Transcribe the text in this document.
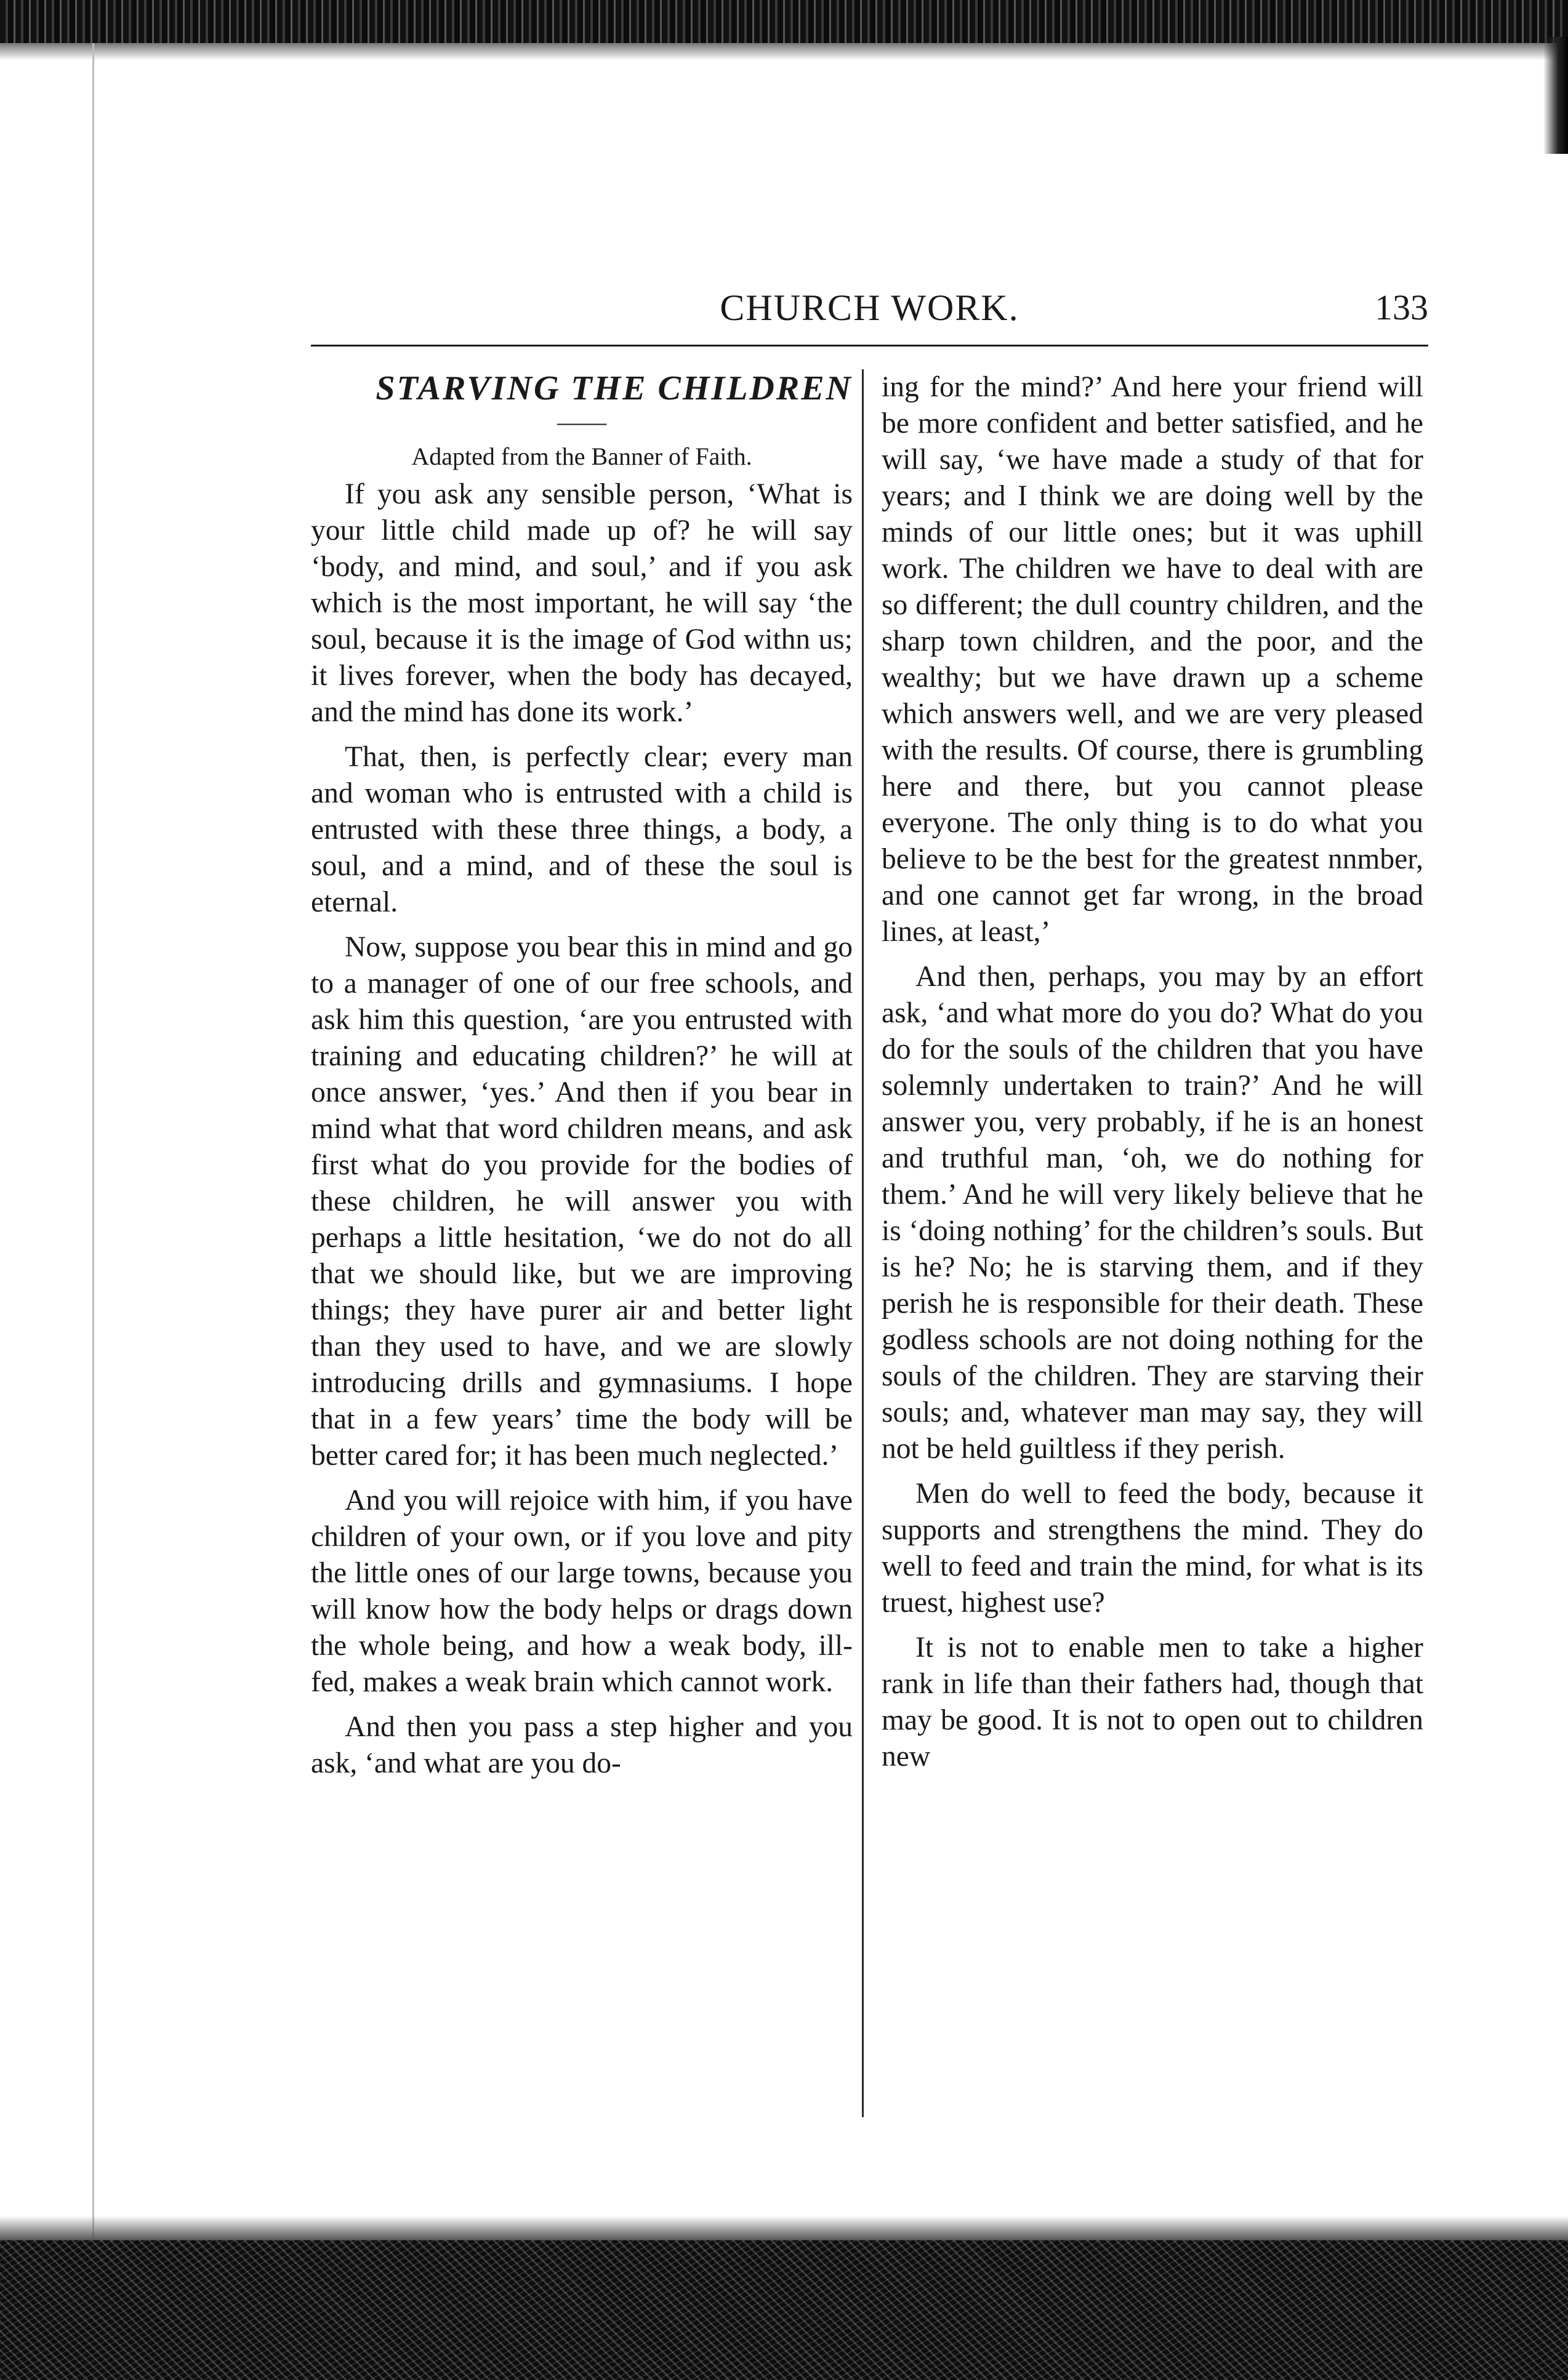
CHURCH WORK.	133
STARVING THE CHILDREN
——
Adapted from the Banner of Faith.

If you ask any sensible person, ‘What is your little child made up of? he will say ‘body, and mind, and soul,’ and if you ask which is the most important, he will say ‘the soul, because it is the image of God withn us; it lives forever, when the body has decayed, and the mind has done its work.’

That, then, is perfectly clear; every man and woman who is entrusted with a child is entrusted with these three things, a body, a soul, and a mind, and of these the soul is eternal.

Now, suppose you bear this in mind and go to a manager of one of our free schools, and ask him this question, ‘are you entrusted with training and educating children?’ he will at once answer, ‘yes.’ And then if you bear in mind what that word children means, and ask first what do you provide for the bodies of these children, he will answer you with perhaps a little hesitation, ‘we do not do all that we should like, but we are improving things; they have purer air and better light than they used to have, and we are slowly introducing drills and gymnasiums. I hope that in a few years’ time the body will be better cared for; it has been much neglected.’

And you will rejoice with him, if you have children of your own, or if you love and pity the little ones of our large towns, because you will know how the body helps or drags down the whole being, and how a weak body, ill-fed, makes a weak brain which cannot work.

And then you pass a step higher and you ask, ‘and what are you do-

ing for the mind?’ And here your friend will be more confident and better satisfied, and he will say, ‘we have made a study of that for years; and I think we are doing well by the minds of our little ones; but it was uphill work. The children we have to deal with are so different; the dull country children, and the sharp town children, and the poor, and the wealthy; but we have drawn up a scheme which answers well, and we are very pleased with the results. Of course, there is grumbling here and there, but you cannot please everyone. The only thing is to do what you believe to be the best for the greatest nnmber, and one cannot get far wrong, in the broad lines, at least,’

And then, perhaps, you may by an effort ask, ‘and what more do you do? What do you do for the souls of the children that you have solemnly undertaken to train?’ And he will answer you, very probably, if he is an honest and truthful man, ‘oh, we do nothing for them.’ And he will very likely believe that he is ‘doing nothing’ for the children’s souls. But is he? No; he is starving them, and if they perish he is responsible for their death. These godless schools are not doing nothing for the souls of the children. They are starving their souls; and, whatever man may say, they will not be held guiltless if they perish.

Men do well to feed the body, because it supports and strengthens the mind. They do well to feed and train the mind, for what is its truest, highest use?

It is not to enable men to take a higher rank in life than their fathers had, though that may be good. It is not to open out to children new
